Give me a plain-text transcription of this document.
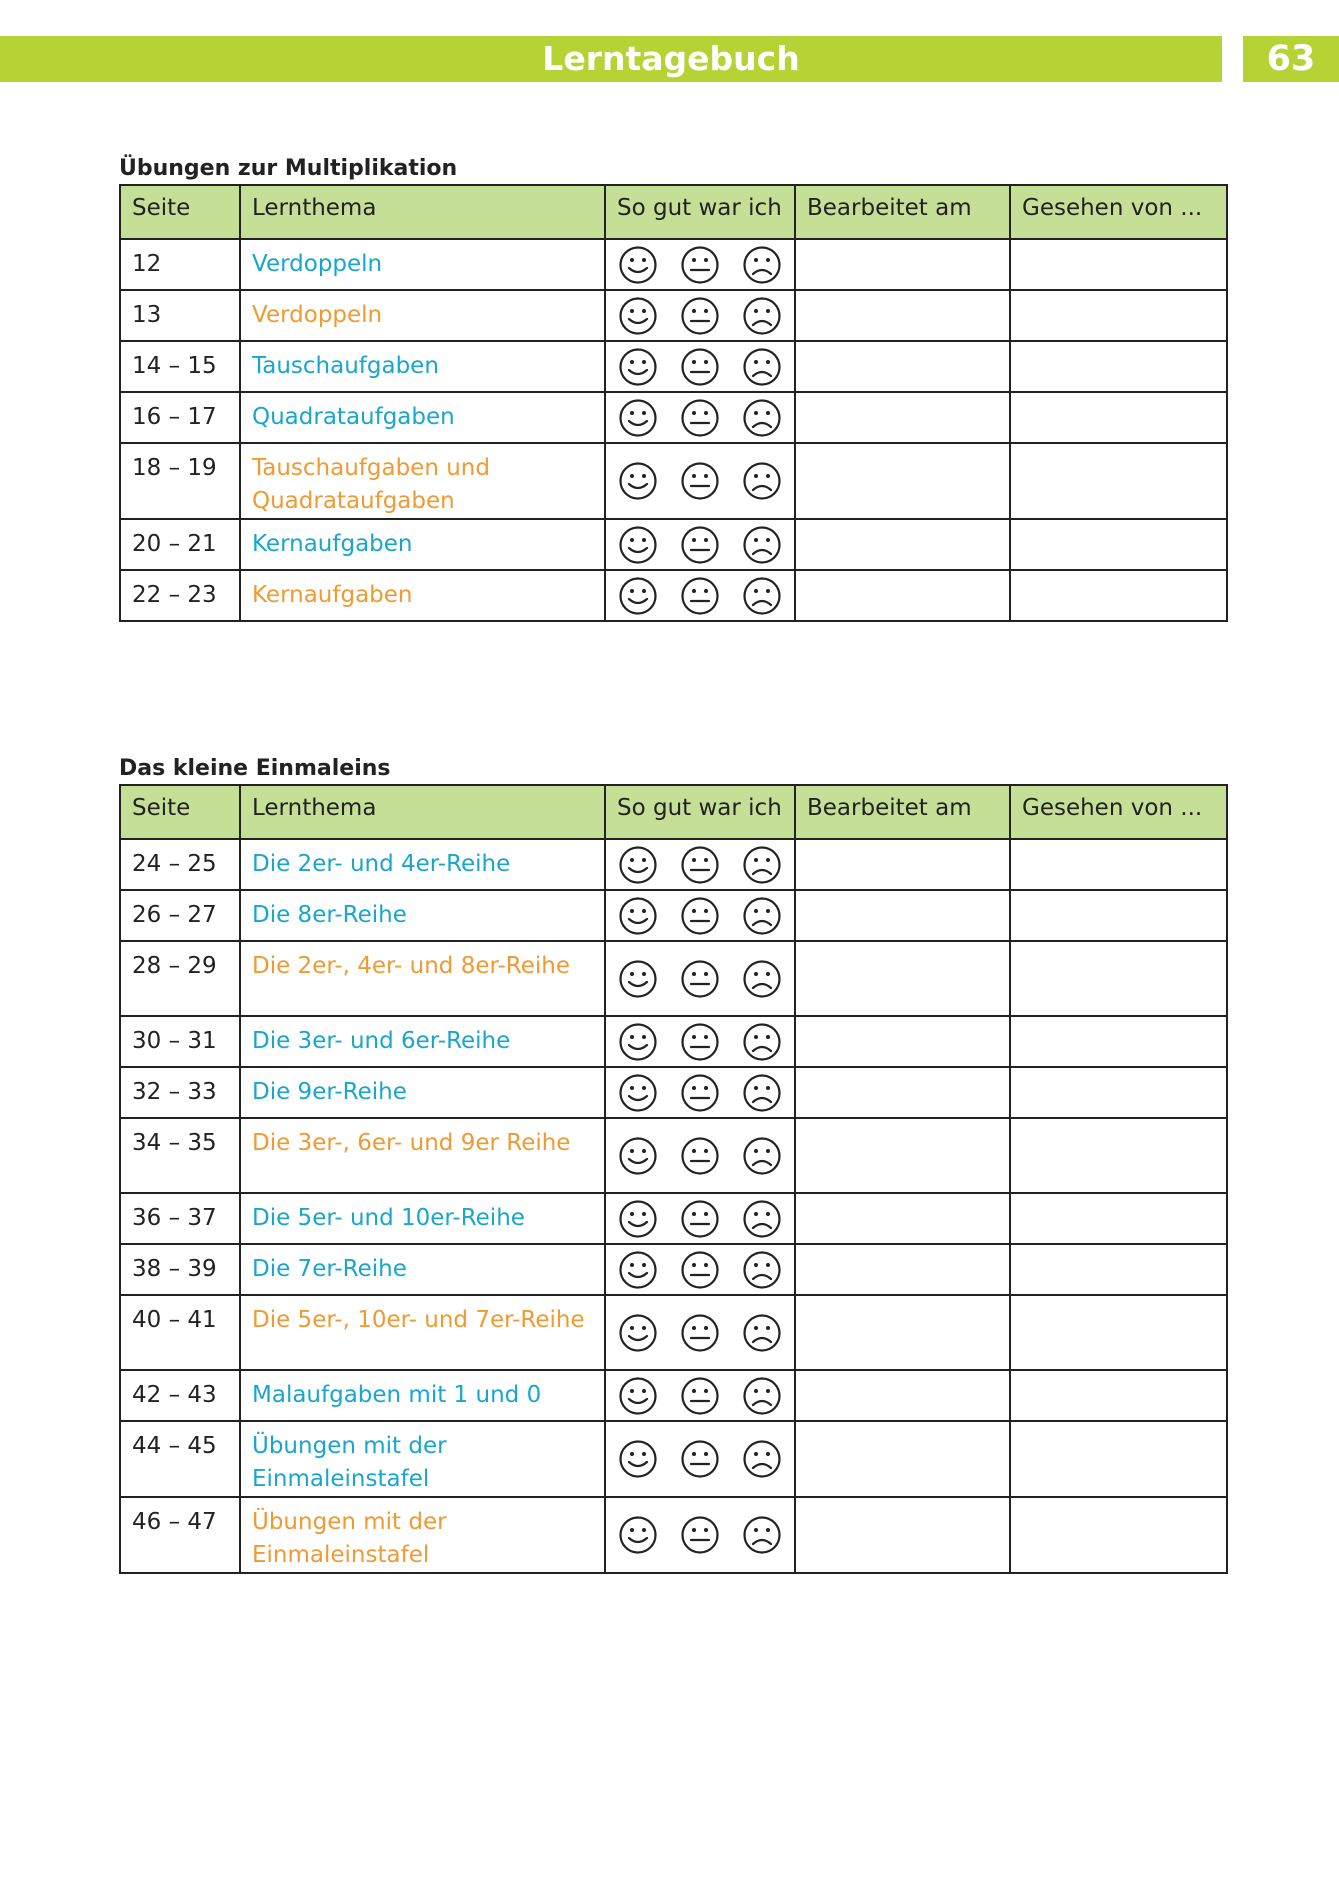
Lerntagebuch	63
Übungen zur Multiplikation
Seite	Lernthema	So gut war ich	Bearbeitet am	Gesehen von ...
12	Verdoppeln	

13	Verdoppeln	

14 – 15	Tauschaufgaben	

16 – 17	Quadrataufgaben	

18 – 19	Tauschaufgaben und Quadrataufgaben	

20 – 21	Kernaufgaben	

22 – 23	Kernaufgaben	

Das kleine Einmaleins
Seite	Lernthema	So gut war ich	Bearbeitet am	Gesehen von ...
24 – 25	Die 2er- und 4er-Reihe	

26 – 27	Die 8er-Reihe	

28 – 29	Die 2er-, 4er- und 8er-Reihe	

30 – 31	Die 3er- und 6er-Reihe	

32 – 33	Die 9er-Reihe	

34 – 35	Die 3er-, 6er- und 9er Reihe	

36 – 37	Die 5er- und 10er-Reihe	

38 – 39	Die 7er-Reihe	

40 – 41	Die 5er-, 10er- und 7er-Reihe	

42 – 43	Malaufgaben mit 1 und 0	

44 – 45	Übungen mit der Einmaleinstafel	

46 – 47	Übungen mit der Einmaleinstafel	
